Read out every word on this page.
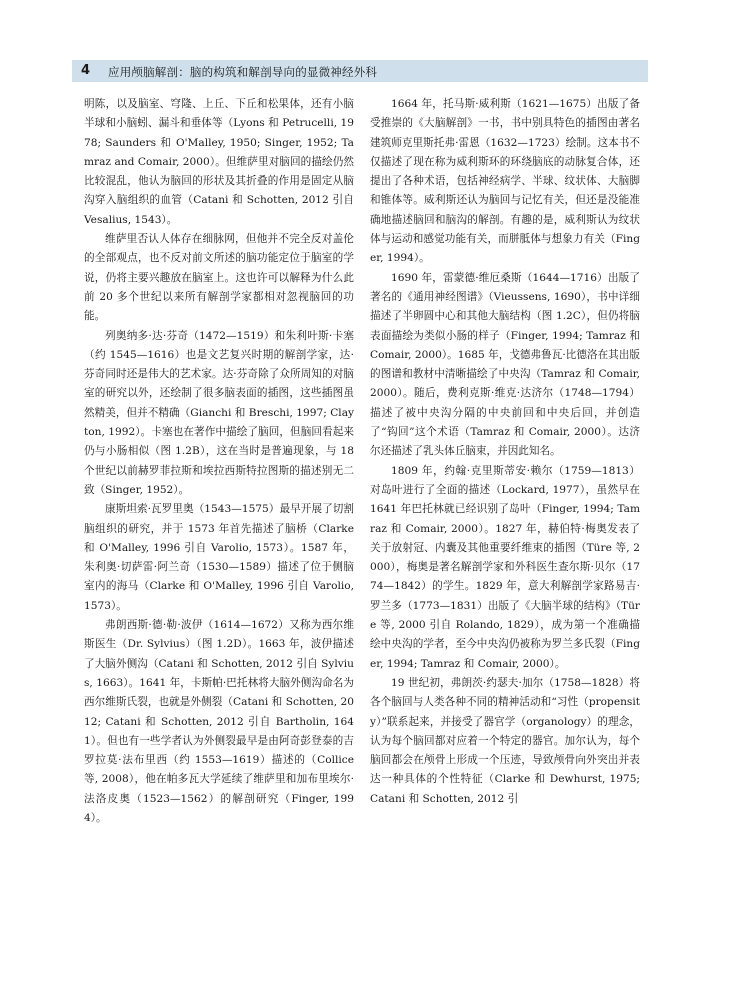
4 应用颅脑解剖：脑的构筑和解剖导向的显微神经外科

明陈，以及脑室、穹隆、上丘、下丘和松果体，还有小脑半球和小脑蚓、漏斗和垂体等（Lyons 和 Petrucelli, 1978; Saunders 和 O'Malley, 1950; Singer, 1952; Tamraz and Comair, 2000）。但维萨里对脑回的描绘仍然比较混乱，他认为脑回的形状及其折叠的作用是固定从脑沟穿入脑组织的血管（Catani 和 Schotten, 2012 引自 Vesalius, 1543）。

维萨里否认人体存在细脉网，但他并不完全反对盖伦的全部观点，也不反对前文所述的脑功能定位于脑室的学说，仍将主要兴趣放在脑室上。这也许可以解释为什么此前 20 多个世纪以来所有解剖学家都相对忽视脑回的功能。

列奥纳多·达·芬奇（1472—1519）和朱利叶斯·卡塞（约 1545—1616）也是文艺复兴时期的解剖学家，达·芬奇同时还是伟大的艺术家。达·芬奇除了众所周知的对脑室的研究以外，还绘制了很多脑表面的插图，这些插图虽然精美，但并不精确（Gianchi 和 Breschi, 1997; Clayton, 1992）。卡塞也在著作中描绘了脑回，但脑回看起来仍与小肠相似（图 1.2B），这在当时是普遍现象，与 18 个世纪以前赫罗菲拉斯和埃拉西斯特拉图斯的描述别无二致（Singer, 1952）。

康斯坦索·瓦罗里奥（1543—1575）最早开展了切割脑组织的研究，并于 1573 年首先描述了脑桥（Clarke 和 O'Malley, 1996 引自 Varolio, 1573）。1587 年，朱利奥·切萨雷·阿兰奇（1530—1589）描述了位于侧脑室内的海马（Clarke 和 O'Malley, 1996 引自 Varolio, 1573）。

弗朗西斯·德·勒·波伊（1614—1672）又称为西尔维斯医生（Dr. Sylvius）（图 1.2D）。1663 年，波伊描述了大脑外侧沟（Catani 和 Schotten, 2012 引自 Sylvius, 1663）。1641 年，卡斯帕·巴托林将大脑外侧沟命名为西尔维斯氏裂，也就是外侧裂（Catani 和 Schotten, 2012; Catani 和 Schotten, 2012 引自 Bartholin, 1641）。但也有一些学者认为外侧裂最早是由阿奇彭登泰的吉罗拉莫·法布里西（约 1553—1619）描述的（Collice 等, 2008），他在帕多瓦大学延续了维萨里和加布里埃尔·法洛皮奥（1523—1562）的解剖研究（Finger, 1994）。

1664 年，托马斯·威利斯（1621—1675）出版了备受推崇的《大脑解剖》一书，书中别具特色的插图由著名建筑师克里斯托弗·雷恩（1632—1723）绘制。这本书不仅描述了现在称为威利斯环的环绕脑底的动脉复合体，还提出了各种术语，包括神经病学、半球、纹状体、大脑脚和锥体等。威利斯还认为脑回与记忆有关，但还是没能准确地描述脑回和脑沟的解剖。有趣的是，威利斯认为纹状体与运动和感觉功能有关，而胼胝体与想象力有关（Finger, 1994）。

1690 年，雷蒙德·维厄桑斯（1644—1716）出版了著名的《通用神经图谱》（Vieussens, 1690），书中详细描述了半卵圆中心和其他大脑结构（图 1.2C），但仍将脑表面描绘为类似小肠的样子（Finger, 1994; Tamraz 和 Comair, 2000）。1685 年，戈德弗鲁瓦·比德洛在其出版的图谱和教材中清晰描绘了中央沟（Tamraz 和 Comair, 2000）。随后，费利克斯·维克·达济尔（1748—1794）描述了被中央沟分隔的中央前回和中央后回，并创造了“钩回”这个术语（Tamraz 和 Comair, 2000）。达济尔还描述了乳头体丘脑束，并因此知名。

1809 年，约翰·克里斯蒂安·赖尔（1759—1813）对岛叶进行了全面的描述（Lockard, 1977），虽然早在 1641 年巴托林就已经识别了岛叶（Finger, 1994; Tamraz 和 Comair, 2000）。1827 年，赫伯特·梅奥发表了关于放射冠、内囊及其他重要纤维束的插图（Türe 等, 2000），梅奥是著名解剖学家和外科医生查尔斯·贝尔（1774—1842）的学生。1829 年，意大利解剖学家路易吉·罗兰多（1773—1831）出版了《大脑半球的结构》（Türe 等, 2000 引自 Rolando, 1829），成为第一个准确描绘中央沟的学者，至今中央沟仍被称为罗兰多氏裂（Finger, 1994; Tamraz 和 Comair, 2000）。

19 世纪初，弗朗茨·约瑟夫·加尔（1758—1828）将各个脑回与人类各种不同的精神活动和“习性（propensity）”联系起来，并接受了器官学（organology）的理念，认为每个脑回都对应着一个特定的器官。加尔认为，每个脑回都会在颅骨上形成一个压迹，导致颅骨向外突出并表达一种具体的个性特征（Clarke 和 Dewhurst, 1975; Catani 和 Schotten, 2012 引
